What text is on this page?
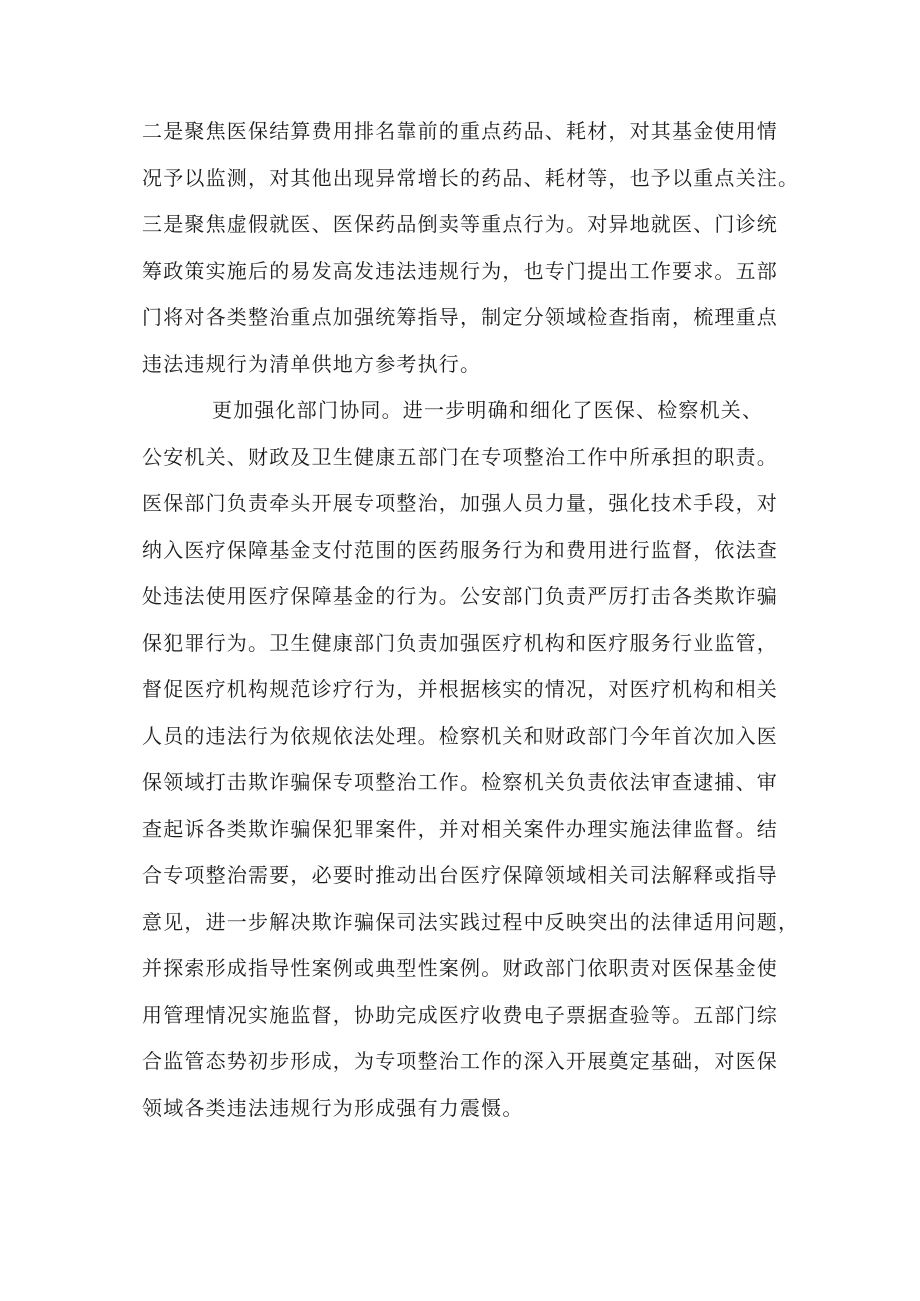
二是聚焦医保结算费用排名靠前的重点药品、耗材，对其基金使用情
况予以监测，对其他出现异常增长的药品、耗材等，也予以重点关注。
三是聚焦虚假就医、医保药品倒卖等重点行为。对异地就医、门诊统
筹政策实施后的易发高发违法违规行为，也专门提出工作要求。五部
门将对各类整治重点加强统筹指导，制定分领域检查指南，梳理重点
违法违规行为清单供地方参考执行。
更加强化部门协同。进一步明确和细化了医保、检察机关、
公安机关、财政及卫生健康五部门在专项整治工作中所承担的职责。
医保部门负责牵头开展专项整治，加强人员力量，强化技术手段，对
纳入医疗保障基金支付范围的医药服务行为和费用进行监督，依法查
处违法使用医疗保障基金的行为。公安部门负责严厉打击各类欺诈骗
保犯罪行为。卫生健康部门负责加强医疗机构和医疗服务行业监管，
督促医疗机构规范诊疗行为，并根据核实的情况，对医疗机构和相关
人员的违法行为依规依法处理。检察机关和财政部门今年首次加入医
保领域打击欺诈骗保专项整治工作。检察机关负责依法审查逮捕、审
查起诉各类欺诈骗保犯罪案件，并对相关案件办理实施法律监督。结
合专项整治需要，必要时推动出台医疗保障领域相关司法解释或指导
意见，进一步解决欺诈骗保司法实践过程中反映突出的法律适用问题，
并探索形成指导性案例或典型性案例。财政部门依职责对医保基金使
用管理情况实施监督，协助完成医疗收费电子票据查验等。五部门综
合监管态势初步形成，为专项整治工作的深入开展奠定基础，对医保
领域各类违法违规行为形成强有力震慑。
